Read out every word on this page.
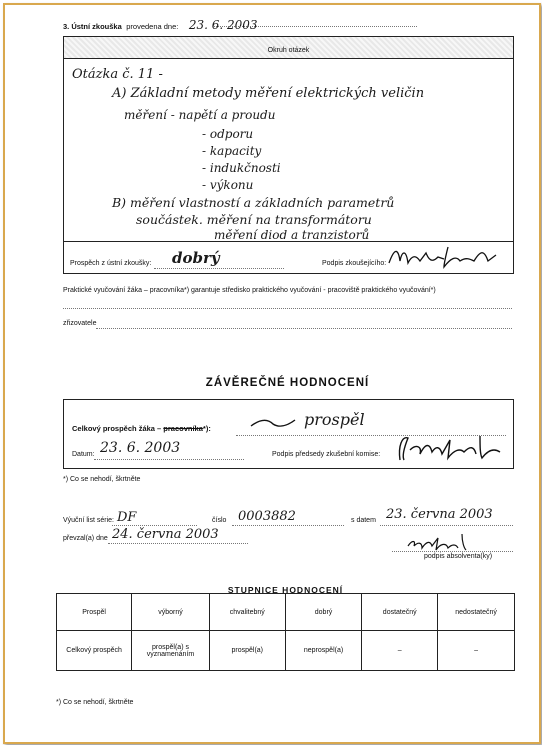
3. Ústní zkouška provedena dne: 23. 6. 2003
Okruh otázek
Otázka č. 11 -
A) Základní metody měření elektrických veličin
měření - napětí a proudu
- odporu
- kapacity
- indukčnosti
- výkonu
B) měření vlastností a základních parametrů
součástek. měření na transformátoru
měření diod a tranzistorů
Prospěch z ústní zkoušky: dobrý	Podpis zkoušejícího:
Praktické vyučování žáka – pracovníka*) garantuje středisko praktického vyučování - pracoviště praktického vyučování*)
zřizovatele
ZÁVĚREČNÉ HODNOCENÍ
Celkový prospěch žáka – pracovníka*):	prospěl
Datum: 23. 6. 2003	Podpis předsedy zkušební komise:
*) Co se nehodí, škrtněte
Výuční list série: DF	číslo 0003882	s datem 23. června 2003
převzal(a) dne 24. června 2003
podpis absolventa(ky)
STUPNICE HODNOCENÍ
Prospěl	výborný	chvalitebný	dobrý	dostatečný	nedostatečný
Celkový prospěch	prospěl(a) s vyznamenáním	prospěl(a)	neprospěl(a)	–	–
*) Co se nehodí, škrtněte
